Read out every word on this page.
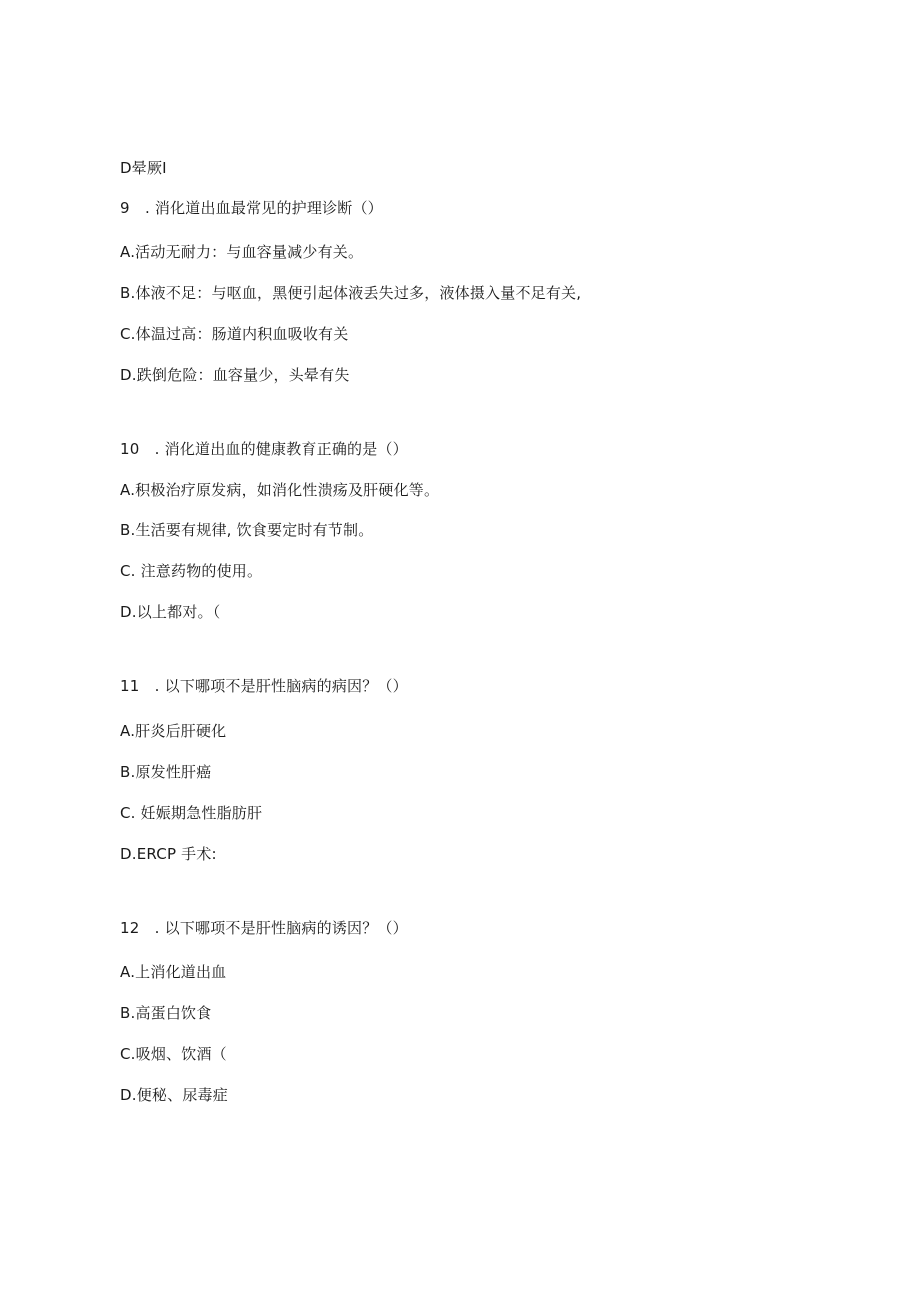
D晕厥I
9　. 消化道出血最常见的护理诊断（）
A.活动无耐力：与血容量减少有关。
B.体液不足：与呕血，黑便引起体液丢失过多，液体摄入量不足有关,
C.体温过高：肠道内积血吸收有关
D.跌倒危险：血容量少，头晕有失
10　. 消化道出血的健康教育正确的是（）
A.积极治疗原发病，如消化性溃疡及肝硬化等。
B.生活要有规律, 饮食要定时有节制。
C. 注意药物的使用。
D.以上都对。（
11　. 以下哪项不是肝性脑病的病因？（）
A.肝炎后肝硬化
B.原发性肝癌
C. 妊娠期急性脂肪肝
D.ERCP 手术:
12　. 以下哪项不是肝性脑病的诱因？（）
A.上消化道出血
B.高蛋白饮食
C.吸烟、饮酒（
D.便秘、尿毒症
